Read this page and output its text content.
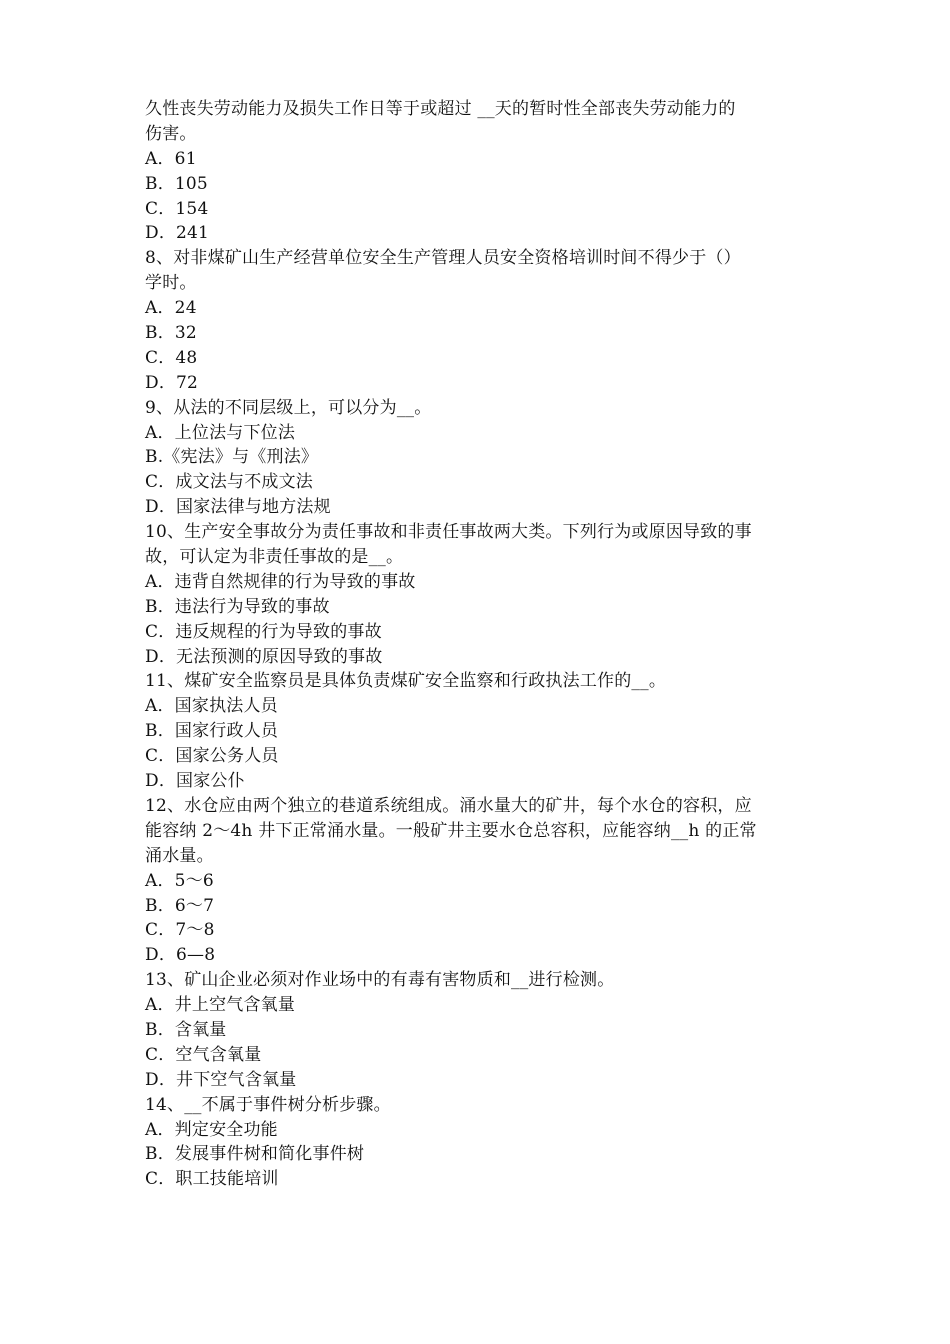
久性丧失劳动能力及损失工作日等于或超过 __天的暂时性全部丧失劳动能力的
伤害。
A．61
B．105
C．154
D．241
8、对非煤矿山生产经营单位安全生产管理人员安全资格培训时间不得少于（）
学时。
A．24
B．32
C．48
D．72
9、从法的不同层级上，可以分为__。
A．上位法与下位法
B.《宪法》与《刑法》
C．成文法与不成文法
D．国家法律与地方法规
10、生产安全事故分为责任事故和非责任事故两大类。下列行为或原因导致的事
故，可认定为非责任事故的是__。
A．违背自然规律的行为导致的事故
B．违法行为导致的事故
C．违反规程的行为导致的事故
D．无法预测的原因导致的事故
11、煤矿安全监察员是具体负责煤矿安全监察和行政执法工作的__。
A．国家执法人员
B．国家行政人员
C．国家公务人员
D．国家公仆
12、水仓应由两个独立的巷道系统组成。涌水量大的矿井，每个水仓的容积，应
能容纳 2～4h 井下正常涌水量。一般矿井主要水仓总容积，应能容纳__h 的正常
涌水量。
A．5～6
B．6～7
C．7～8
D．6—8
13、矿山企业必须对作业场中的有毒有害物质和__进行检测。
A．井上空气含氧量
B．含氧量
C．空气含氧量
D．井下空气含氧量
14、__不属于事件树分析步骤。
A．判定安全功能
B．发展事件树和简化事件树
C．职工技能培训
